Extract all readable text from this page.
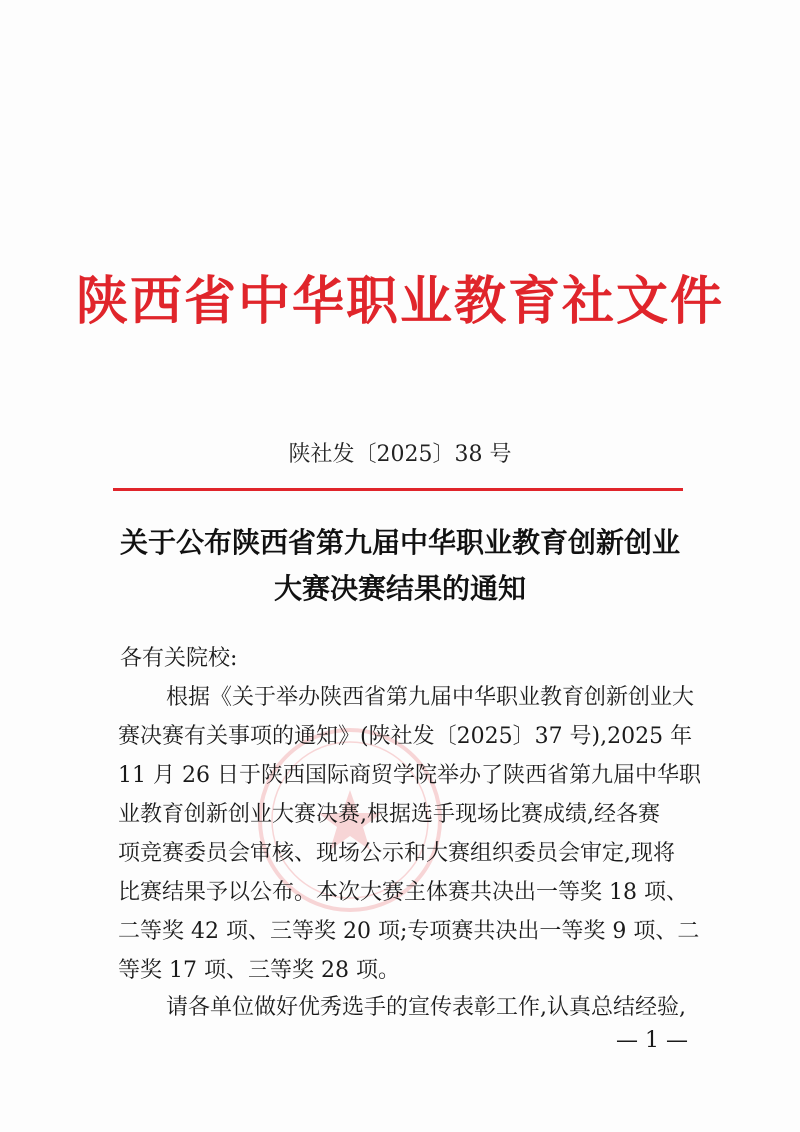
陕西省中华职业教育社文件
陕社发〔2025〕38 号
关于公布陕西省第九届中华职业教育创新创业
大赛决赛结果的通知
各有关院校:
根据《关于举办陕西省第九届中华职业教育创新创业大
赛决赛有关事项的通知》(陕社发〔2025〕37 号),2025 年
11 月 26 日于陕西国际商贸学院举办了陕西省第九届中华职
业教育创新创业大赛决赛,根据选手现场比赛成绩,经各赛
项竞赛委员会审核、现场公示和大赛组织委员会审定,现将
比赛结果予以公布。本次大赛主体赛共决出一等奖 18 项、
二等奖 42 项、三等奖 20 项;专项赛共决出一等奖 9 项、二
等奖 17 项、三等奖 28 项。
请各单位做好优秀选手的宣传表彰工作,认真总结经验,
— 1 —
